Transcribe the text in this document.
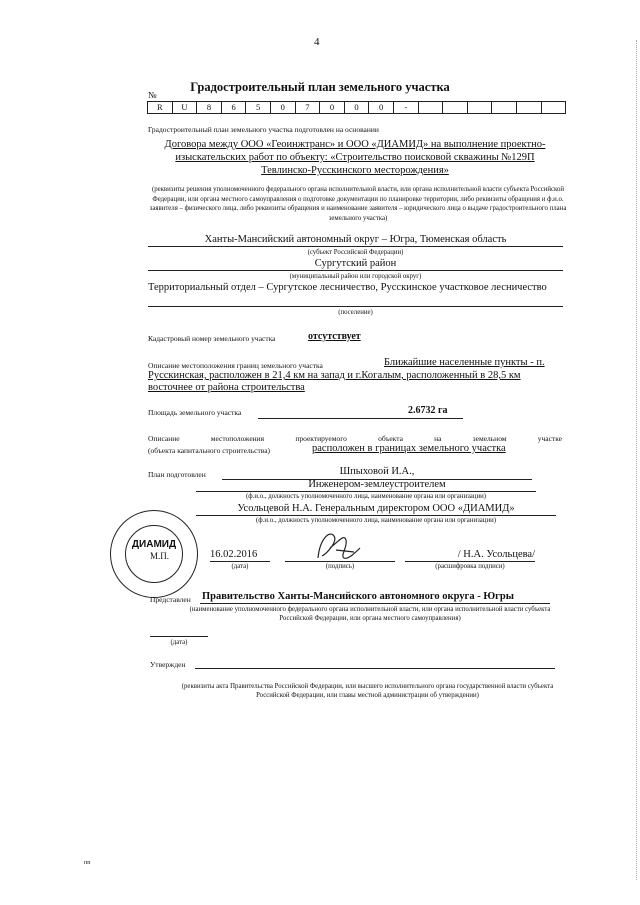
4
Градостроительный план земельного участка
№
R	U	8	6	5	0	7	0	0	0	-
Градостроительный план земельного участка подготовлен на основании
Договора между ООО «Геоинжтранс» и ООО «ДИАМИД» на выполнение проектно-изыскательских работ по объекту: «Строительство поисковой скважины №129П Тевлинско-Русскинского месторождения»
(реквизиты решения уполномоченного федерального органа исполнительной власти, или органа исполнительной власти субъекта Российской Федерации, или органа местного самоуправления о подготовке документации по планировке территории, либо реквизиты обращения и ф.и.о. заявителя – физического лица, либо реквизиты обращения и наименование заявителя – юридического лица о выдаче градостроительного плана земельного участка)
Ханты-Мансийский автономный округ – Югра, Тюменская область
(субъект Российской Федерации)
Сургутский район
(муниципальный район или городской округ)
Территориальный отдел – Сургутское лесничество, Русскинское участковое лесничество
(поселение)
Кадастровый номер земельного участка	отсутствует
Описание местоположения границ земельного участка	Ближайшие населенные пункты - п.
Русскинская, расположен в 21,4 км на запад и г.Когалым, расположенный в 28,5 км
восточнее от района строительства
Площадь земельного участка	2.6732 га
Описание местоположения проектируемого объекта на земельном участке
(объекта капитального строительства)	расположен в границах земельного участка
План подготовлен	Шпыховой И.А.,
Инженером-землеустроителем
(ф.и.о., должность уполномоченного лица, наименование органа или организации)
Усольцевой Н.А. Генеральным директором ООО «ДИАМИД»
(ф.и.о., должность уполномоченного лица, наименование органа или организации)
ДИАМИД
М.П.	16.02.2016
(дата)	(подпись)
/ Н.А. Усольцева/
(расшифровка подписи)
Представлен Правительство Ханты-Мансийского автономного округа - Югры
(наименование уполномоченного федерального органа исполнительной власти, или органа исполнительной власти субъекта Российской Федерации, или органа местного самоуправления)
(дата)
Утвержден
(реквизиты акта Правительства Российской Федерации, или высшего исполнительного органа государственной власти субъекта Российской Федерации, или главы местной администрации об утверждении)
пп
